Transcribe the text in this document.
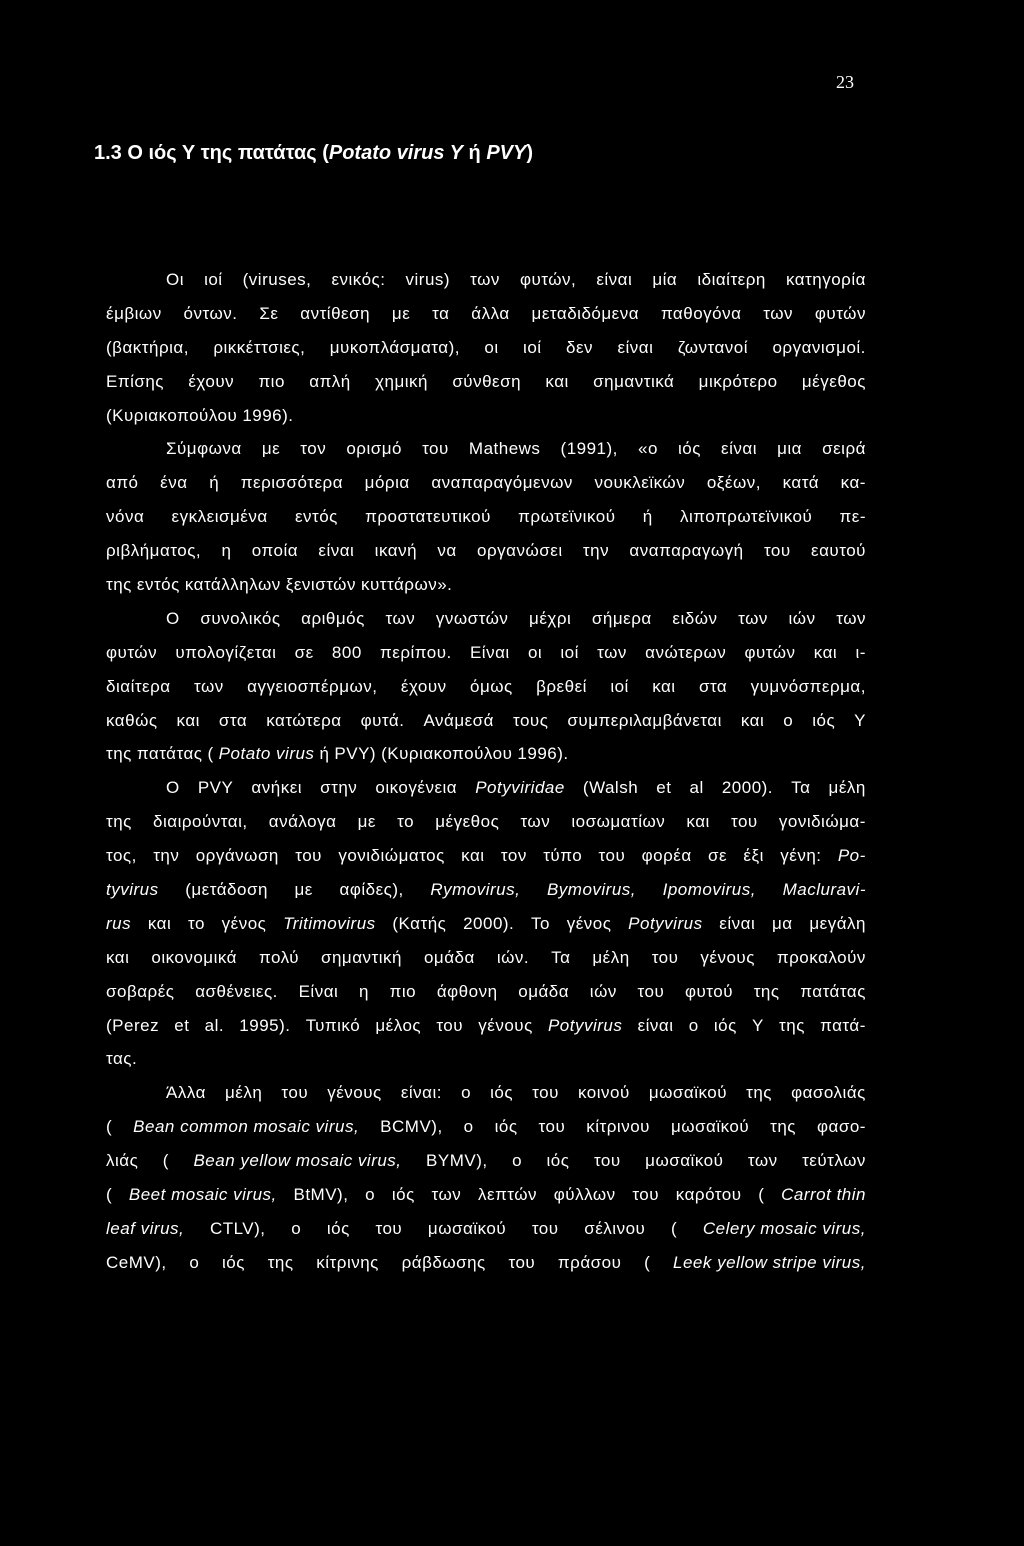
23
1.3 Ο ιός Υ της πατάτας (Potato virus Y ή PVY)
Οι ιοί (viruses, ενικός: virus) των φυτών, είναι μία ιδιαίτερη κατηγορία
έμβιων όντων. Σε αντίθεση με τα άλλα μεταδιδόμενα παθογόνα των φυτών
(βακτήρια, ρικκέττσιες, μυκοπλάσματα), οι ιοί δεν είναι ζωντανοί οργανισμοί.
Επίσης έχουν πιο απλή χημική σύνθεση και σημαντικά μικρότερο μέγεθος
(Κυριακοπούλου 1996).
Σύμφωνα με τον ορισμό του Mathews (1991), «ο ιός είναι μια σειρά
από ένα ή περισσότερα μόρια αναπαραγόμενων νουκλεϊκών οξέων, κατά κα-
νόνα εγκλεισμένα εντός προστατευτικού πρωτεϊνικού ή λιποπρωτεϊνικού πε-
ριβλήματος, η οποία είναι ικανή να οργανώσει την αναπαραγωγή του εαυτού
της εντός κατάλληλων ξενιστών κυττάρων».
Ο συνολικός αριθμός των γνωστών μέχρι σήμερα ειδών των ιών των
φυτών υπολογίζεται σε 800 περίπου. Είναι οι ιοί των ανώτερων φυτών και ι-
διαίτερα των αγγειοσπέρμων, έχουν όμως βρεθεί ιοί και στα γυμνόσπερμα,
καθώς και στα κατώτερα φυτά. Ανάμεσά τους συμπεριλαμβάνεται και ο ιός Υ
της πατάτας ( Potato virus ή PVY) (Κυριακοπούλου 1996).
Ο PVY ανήκει στην οικογένεια Potyviridae (Walsh et al 2000). Τα μέλη
της διαιρούνται, ανάλογα με το μέγεθος των ιοσωματίων και του γονιδιώμα-
τος, την οργάνωση του γονιδιώματος και τον τύπο του φορέα σε έξι γένη: Po-
tyvirus (μετάδοση με αφίδες), Rymovirus, Bymovirus, Ipomovirus, Macluravi-
rus και το γένος Tritimovirus (Κατής 2000). Το γένος Potyvirus είναι μα μεγάλη
και οικονομικά πολύ σημαντική ομάδα ιών. Τα μέλη του γένους προκαλούν
σοβαρές ασθένειες. Είναι η πιο άφθονη ομάδα ιών του φυτού της πατάτας
(Perez et al. 1995). Τυπικό μέλος του γένους Potyvirus είναι ο ιός Υ της πατά-
τας.
Άλλα μέλη του γένους είναι: ο ιός του κοινού μωσαϊκού της φασολιάς
( Bean common mosaic virus, BCMV), ο ιός του κίτρινου μωσαϊκού της φασο-
λιάς ( Bean yellow mosaic virus, BYMV), ο ιός του μωσαϊκού των τεύτλων
( Beet mosaic virus, BtMV), ο ιός των λεπτών φύλλων του καρότου ( Carrot thin
leaf virus, CTLV), ο ιός του μωσαϊκού του σέλινου ( Celery mosaic virus,
CeMV), ο ιός της κίτρινης ράβδωσης του πράσου ( Leek yellow stripe virus,
